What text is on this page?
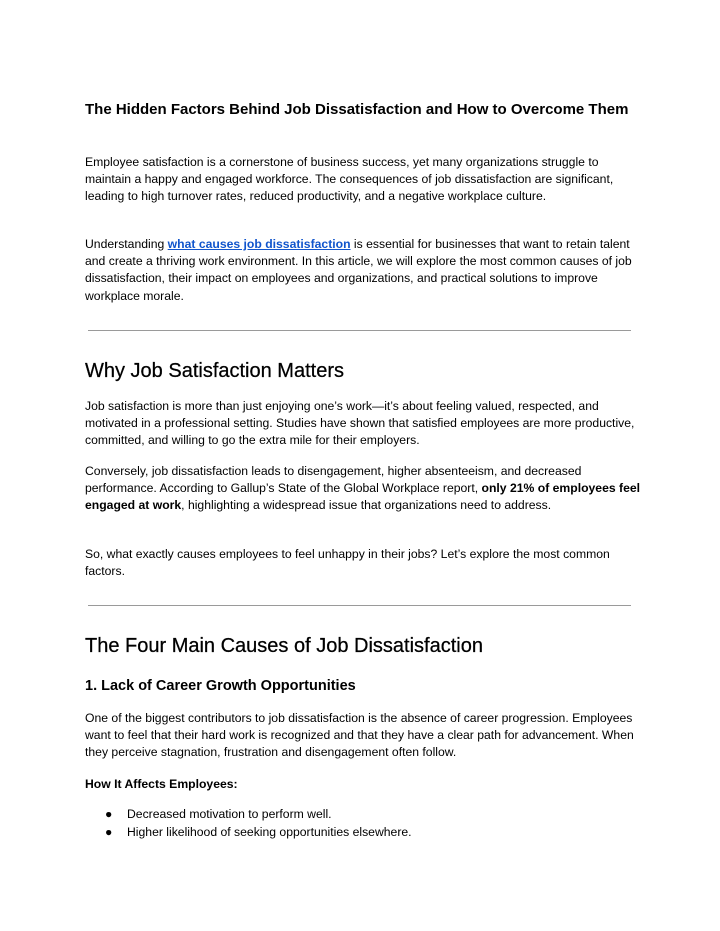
The Hidden Factors Behind Job Dissatisfaction and How to Overcome Them

Employee satisfaction is a cornerstone of business success, yet many organizations struggle to maintain a happy and engaged workforce. The consequences of job dissatisfaction are significant, leading to high turnover rates, reduced productivity, and a negative workplace culture.

Understanding what causes job dissatisfaction is essential for businesses that want to retain talent and create a thriving work environment. In this article, we will explore the most common causes of job dissatisfaction, their impact on employees and organizations, and practical solutions to improve workplace morale.

Why Job Satisfaction Matters

Job satisfaction is more than just enjoying one’s work—it’s about feeling valued, respected, and motivated in a professional setting. Studies have shown that satisfied employees are more productive, committed, and willing to go the extra mile for their employers.

Conversely, job dissatisfaction leads to disengagement, higher absenteeism, and decreased performance. According to Gallup’s State of the Global Workplace report, only 21% of employees feel engaged at work, highlighting a widespread issue that organizations need to address.

So, what exactly causes employees to feel unhappy in their jobs? Let’s explore the most common factors.

The Four Main Causes of Job Dissatisfaction
1. Lack of Career Growth Opportunities

One of the biggest contributors to job dissatisfaction is the absence of career progression. Employees want to feel that their hard work is recognized and that they have a clear path for advancement. When they perceive stagnation, frustration and disengagement often follow.

How It Affects Employees:

● Decreased motivation to perform well.
● Higher likelihood of seeking opportunities elsewhere.
